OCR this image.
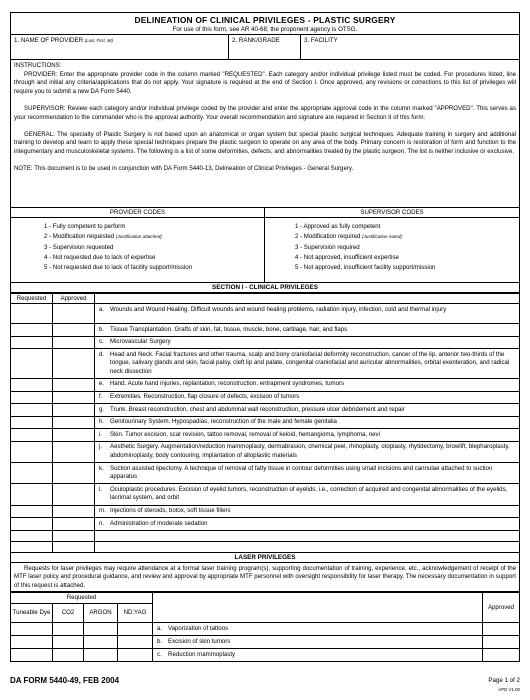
DELINEATION OF CLINICAL PRIVILEGES - PLASTIC SURGERY
For use of this form, see AR 40-68; the proponent agency is OTSG.
1. NAME OF PROVIDER (Last, First, MI)	2. RANK/GRADE	3. FACILITY

INSTRUCTIONS:

PROVIDER: Enter the appropriate provider code in the column marked "REQUESTED". Each category and/or individual privilege listed must be coded. For procedures listed, line through and initial any criteria/applications that do not apply. Your signature is required at the end of Section I. Once approved, any revisions or corrections to this list of privileges will require you to submit a new DA Form 5440.

SUPERVISOR: Review each category and/or individual privilege coded by the provider and enter the appropriate approval code in the column marked "APPROVED". This serves as your recommendation to the commander who is the approval authority. Your overall recommendation and signature are required in Section II of this form.

GENERAL: The specialty of Plastic Surgery is not based upon an anatomical or organ system but special plastic surgical techniques. Adequate training in surgery and additional training to develop and learn to apply these special techniques prepare the plastic surgeon to operate on any area of the body. Primary concern is restoration of form and function to the integumentary and musculoskeletal systems. The following is a list of some deformities, defects, and abnormalities treated by the plastic surgeon. The list is neither inclusive or exclusive.

NOTE: This document is to be used in conjunction with DA Form 5440-13, Delineation of Clinical Privileges - General Surgery.

PROVIDER CODES
1 - Fully competent to perform
2 - Modification requested (Justification attached)
3 - Supervision requested
4 - Not requested due to lack of expertise
5 - Not requested due to lack of facility support/mission
SUPERVISOR CODES
1 - Approved as fully competent
2 - Modification required (Justification noted)
3 - Supervision required
4 - Not approved, insufficient expertise
5 - Not approved, insufficient facility support/mission
SECTION I - CLINICAL PRIVILEGES
Requested	Approved	

		a. Wounds and Wound Healing. Difficult wounds and wound healing problems, radiation injury, infection, cold and thermal injury

		b. Tissue Transplantation. Grafts of skin, fat, tissue, muscle, bone, cartilage, hair, and flaps

		c. Microvascular Surgery

		d. Head and Neck. Facial fractures and other trauma, scalp and bony craniofacial deformity reconstruction, cancer of the lip, anterior two-thirds of the tongue, salivary glands and skin, facial palsy, cleft lip and palate, congenital craniofacial and auricular abnormalities, orbital exenteration, and radical neck dissection

		e. Hand. Acute hand injuries, replantation, reconstruction, entrapment syndromes, tumors

		f. Extremities. Reconstruction, flap closure of defects, excision of tumors

		g. Trunk. Breast reconstruction, chest and abdominal wall reconstruction, pressure ulcer debridement and repair

		h. Genitourinary System. Hypospadias, reconstruction of the male and female genitalia

		i. Skin. Tumor excision, scar revision, tattoo removal, removal of keloid, hemangioma, lymphoma, nevi

		j. Aesthetic Surgery. Augmentation/reduction mammoplasty, dermabrasion, chemical peel, rhinoplasty, otoplasty, rhytidectomy, browlift, blepharoplasty, abdominoplasty, body contouring, implantation of alloplastic materials

		k. Suction assisted lipectomy. A technique of removal of fatty tissue in contour deformities using small incisions and cannulae attached to suction apparatus

		l. Oculoplastic procedures. Excision of eyelid tumors, reconstruction of eyelids, i.e., correction of acquired and congenital abnormalities of the eyelids, lacrimal system, and orbit

		m. Injections of steroids, botox, soft tissue fillers

		n. Administration of moderate sedation

LASER PRIVILEGES
Requests for laser privileges may require attendance at a formal laser training program(s), supporting documentation of training, experience, etc., acknowledgement of receipt of the MTF laser policy and procedural guidance, and review and approval by appropriate MTF personnel with oversight responsibility for laser therapy. The necessary documentation in support of this request is attached.
Requested					Approved
Tuneable Dye	CO2	ARGON	ND:YAG		

				a. Vaporization of tattoos	

				b. Excision of skin tumors	

				c. Reduction mammoplasty	

DA FORM 5440-49, FEB 2004	Page 1 of 2
APD V1.00
